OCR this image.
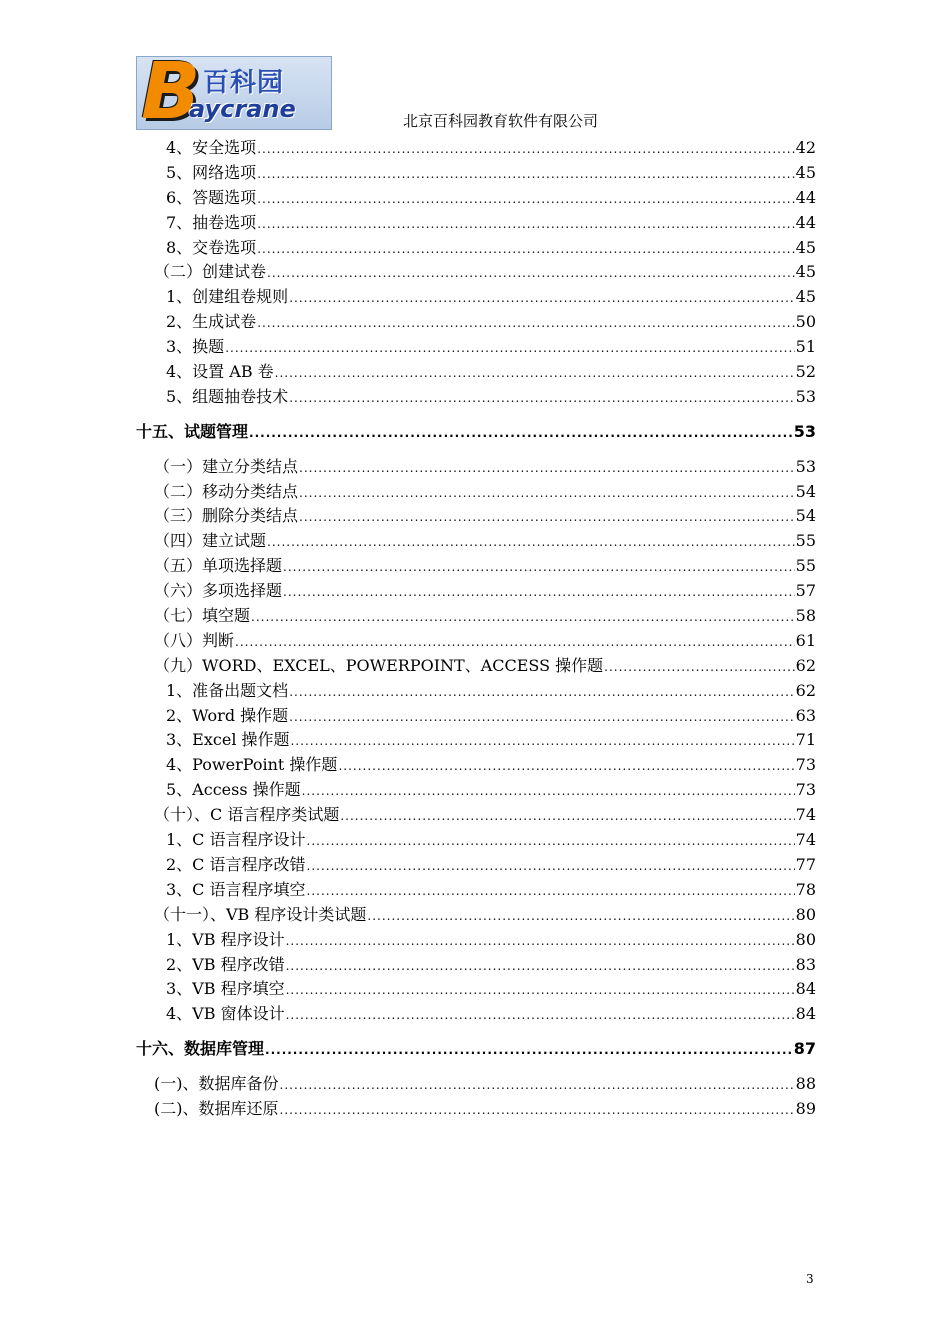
B 百科园
aycrane	北京百科园教育软件有限公司
4、安全选项 .....	42
5、网络选项 .....	45
6、答题选项 .....	44
7、抽卷选项 .....	44
8、交卷选项 .....	45
（二）创建试卷 .....	45
1、创建组卷规则 .....	45
2、生成试卷 .....	50
3、换题 .....	51
4、设置 AB 卷 .....	52
5、组题抽卷技术 .....	53
十五、试题管理 .....	53
（一）建立分类结点 .....	53
（二）移动分类结点 .....	54
（三）删除分类结点 .....	54
（四）建立试题 .....	55
（五）单项选择题 .....	55
（六）多项选择题 .....	57
（七）填空题 .....	58
（八）判断 .....	61
（九）WORD、EXCEL、POWERPOINT、ACCESS 操作题 .....	62
1、准备出题文档 .....	62
2、Word 操作题 .....	63
3、Excel 操作题 .....	71
4、PowerPoint 操作题 .....	73
5、Access 操作题 .....	73
（十）、C 语言程序类试题 .....	74
1、C 语言程序设计 .....	74
2、C 语言程序改错 .....	77
3、C 语言程序填空 .....	78
（十一）、VB 程序设计类试题 .....	80
1、VB 程序设计 .....	80
2、VB 程序改错 .....	83
3、VB 程序填空 .....	84
4、VB 窗体设计 .....	84
十六、数据库管理 .....	87
(一)、数据库备份 .....	88
(二)、数据库还原 .....	89
3
